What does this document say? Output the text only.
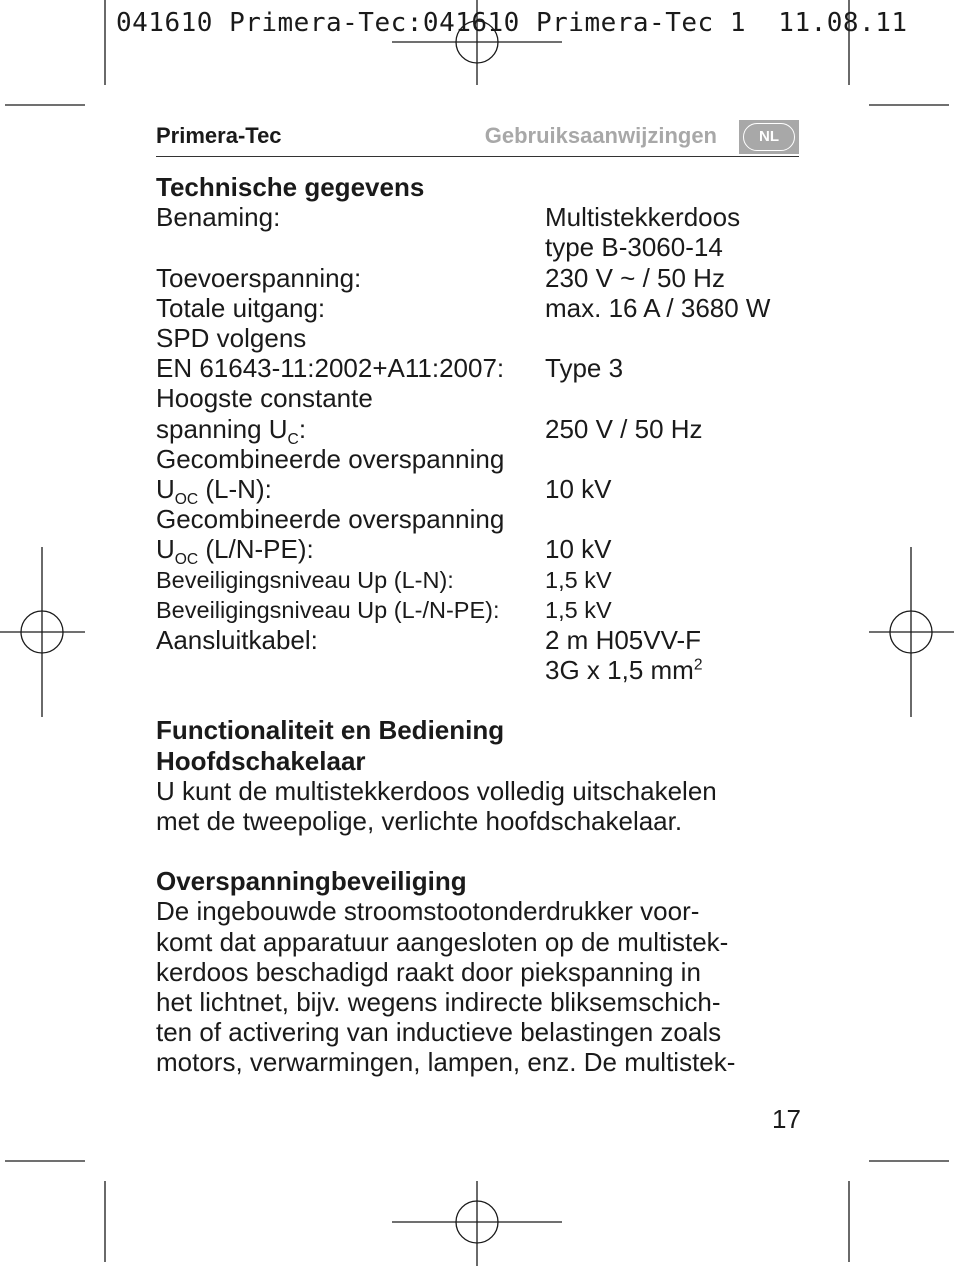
041610 Primera-Tec:041610 Primera-Tec 1  11.08.11
Primera-Tec	Gebruiksaanwijzingen	NL
Technische gegevens
Benaming:	Multistekkerdoos
type B-3060-14
Toevoerspanning:	230 V ~ / 50 Hz
Totale uitgang:	max. 16 A / 3680 W
SPD volgens
EN 61643-11:2002+A11:2007:	Type 3
Hoogste constante
spanning $U_C$:	250 V / 50 Hz
Gecombineerde overspanning
$U_{OC}$ (L-N):	10 kV
Gecombineerde overspanning
$U_{OC}$ (L/N-PE):	10 kV
Beveiligingsniveau Up (L-N):	1,5 kV
Beveiligingsniveau Up (L-/N-PE):	1,5 kV
Aansluitkabel:	2 m H05VV-F
3G x 1,5 $mm^2$
Functionaliteit en Bediening
Hoofdschakelaar
U kunt de multistekkerdoos volledig uitschakelen
met de tweepolige, verlichte hoofdschakelaar.
Overspanningbeveiliging
De ingebouwde stroomstootonderdrukker voor-
komt dat apparatuur aangesloten op de multistek-
kerdoos beschadigd raakt door piekspanning in
het lichtnet, bijv. wegens indirecte bliksemschich-
ten of activering van inductieve belastingen zoals
motors, verwarmingen, lampen, enz. De multistek-
17
